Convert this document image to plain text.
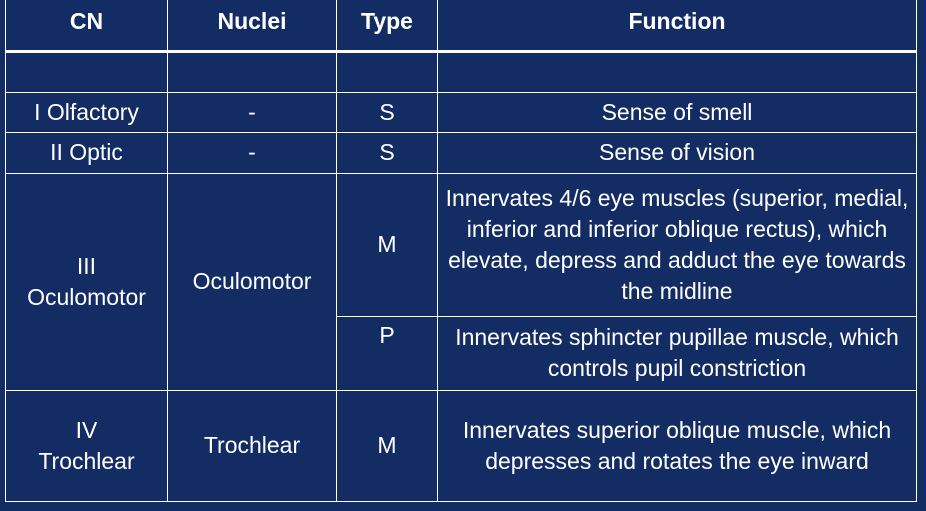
CN	Nuclei	Type	Function

I Olfactory	-	S	Sense of smell
II Optic	-	S	Sense of vision

III
Oculomotor	Oculomotor	M	Innervates 4/6 eye muscles (superior, medial, inferior and inferior oblique rectus), which elevate, depress and adduct the eye towards the midline
		P	Innervates sphincter pupillae muscle, which controls pupil constriction

IV
Trochlear	Trochlear	M	Innervates superior oblique muscle, which depresses and rotates the eye inward
